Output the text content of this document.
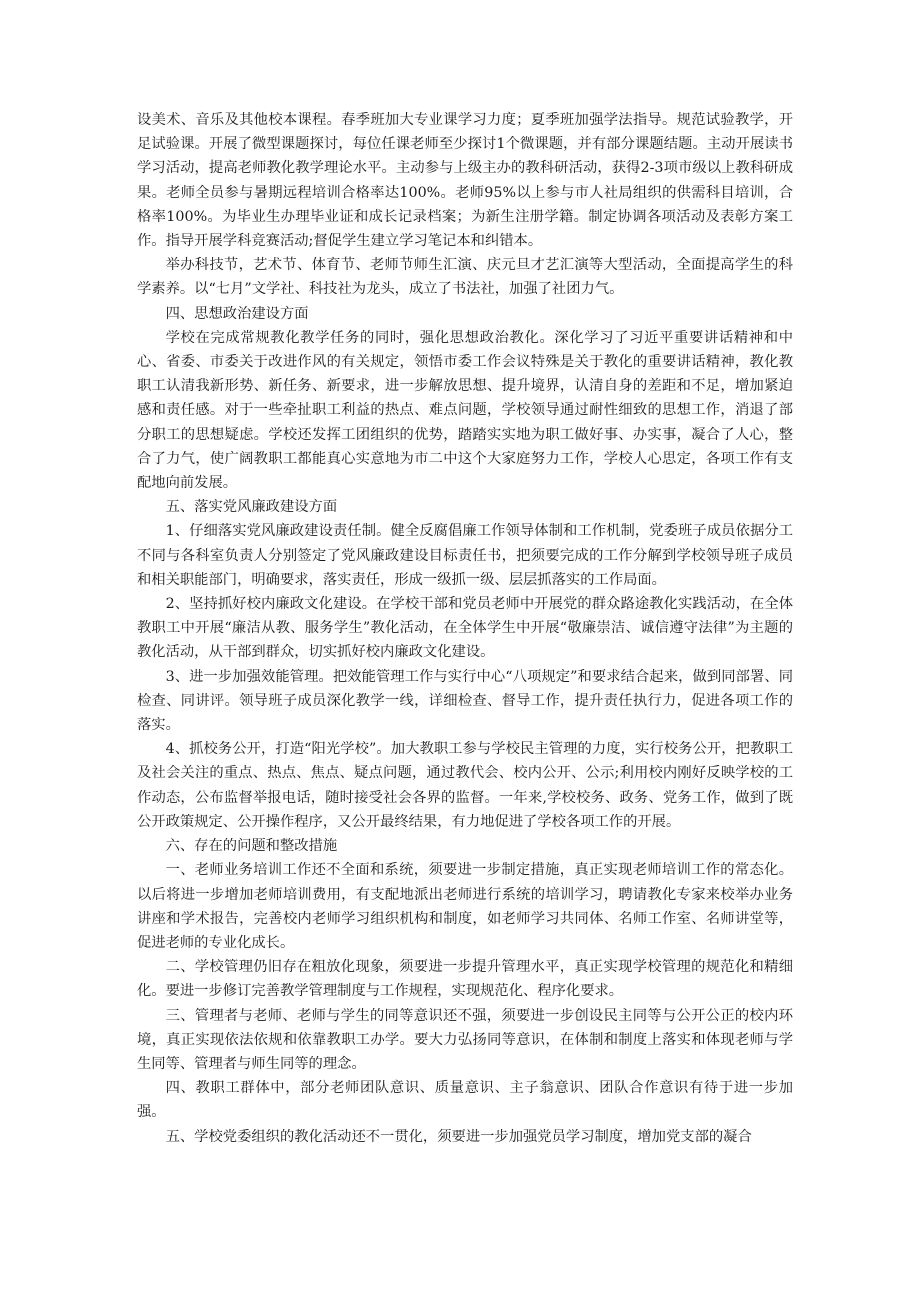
设美术、音乐及其他校本课程。春季班加大专业课学习力度；夏季班加强学法指导。规范试验教学，开足试验课。开展了微型课题探讨，每位任课老师至少探讨1个微课题，并有部分课题结题。主动开展读书学习活动，提高老师教化教学理论水平。主动参与上级主办的教科研活动，获得2-3项市级以上教科研成果。老师全员参与暑期远程培训合格率达100%。老师95%以上参与市人社局组织的供需科目培训，合格率100%。为毕业生办理毕业证和成长记录档案；为新生注册学籍。制定协调各项活动及表彰方案工作。指导开展学科竞赛活动;督促学生建立学习笔记本和纠错本。

举办科技节，艺术节、体育节、老师节师生汇演、庆元旦才艺汇演等大型活动，全面提高学生的科学素养。以“七月”文学社、科技社为龙头，成立了书法社，加强了社团力气。

四、思想政治建设方面

学校在完成常规教化教学任务的同时，强化思想政治教化。深化学习了习近平重要讲话精神和中心、省委、市委关于改进作风的有关规定，领悟市委工作会议特殊是关于教化的重要讲话精神，教化教职工认清我新形势、新任务、新要求，进一步解放思想、提升境界，认清自身的差距和不足，增加紧迫感和责任感。对于一些牵扯职工利益的热点、难点问题，学校领导通过耐性细致的思想工作，消退了部分职工的思想疑虑。学校还发挥工团组织的优势，踏踏实实地为职工做好事、办实事，凝合了人心，整合了力气，使广阔教职工都能真心实意地为市二中这个大家庭努力工作，学校人心思定，各项工作有支配地向前发展。

五、落实党风廉政建设方面

1、仔细落实党风廉政建设责任制。健全反腐倡廉工作领导体制和工作机制，党委班子成员依据分工不同与各科室负责人分别签定了党风廉政建设目标责任书，把须要完成的工作分解到学校领导班子成员和相关职能部门，明确要求，落实责任，形成一级抓一级、层层抓落实的工作局面。

2、坚持抓好校内廉政文化建设。在学校干部和党员老师中开展党的群众路途教化实践活动，在全体教职工中开展“廉洁从教、服务学生”教化活动，在全体学生中开展“敬廉崇洁、诚信遵守法律”为主题的教化活动，从干部到群众，切实抓好校内廉政文化建设。

3、进一步加强效能管理。把效能管理工作与实行中心“八项规定”和要求结合起来，做到同部署、同检查、同讲评。领导班子成员深化教学一线，详细检查、督导工作，提升责任执行力，促进各项工作的落实。

4、抓校务公开，打造“阳光学校”。加大教职工参与学校民主管理的力度，实行校务公开，把教职工及社会关注的重点、热点、焦点、疑点问题，通过教代会、校内公开、公示;利用校内刚好反映学校的工作动态，公布监督举报电话，随时接受社会各界的监督。一年来,学校校务、政务、党务工作，做到了既公开政策规定、公开操作程序，又公开最终结果，有力地促进了学校各项工作的开展。

六、存在的问题和整改措施

一、老师业务培训工作还不全面和系统，须要进一步制定措施，真正实现老师培训工作的常态化。以后将进一步增加老师培训费用，有支配地派出老师进行系统的培训学习，聘请教化专家来校举办业务讲座和学术报告，完善校内老师学习组织机构和制度，如老师学习共同体、名师工作室、名师讲堂等，促进老师的专业化成长。

二、学校管理仍旧存在粗放化现象，须要进一步提升管理水平，真正实现学校管理的规范化和精细化。要进一步修订完善教学管理制度与工作规程，实现规范化、程序化要求。

三、管理者与老师、老师与学生的同等意识还不强，须要进一步创设民主同等与公开公正的校内环境，真正实现依法依规和依靠教职工办学。要大力弘扬同等意识，在体制和制度上落实和体现老师与学生同等、管理者与师生同等的理念。

四、教职工群体中，部分老师团队意识、质量意识、主子翁意识、团队合作意识有待于进一步加强。

五、学校党委组织的教化活动还不一贯化，须要进一步加强党员学习制度，增加党支部的凝合
